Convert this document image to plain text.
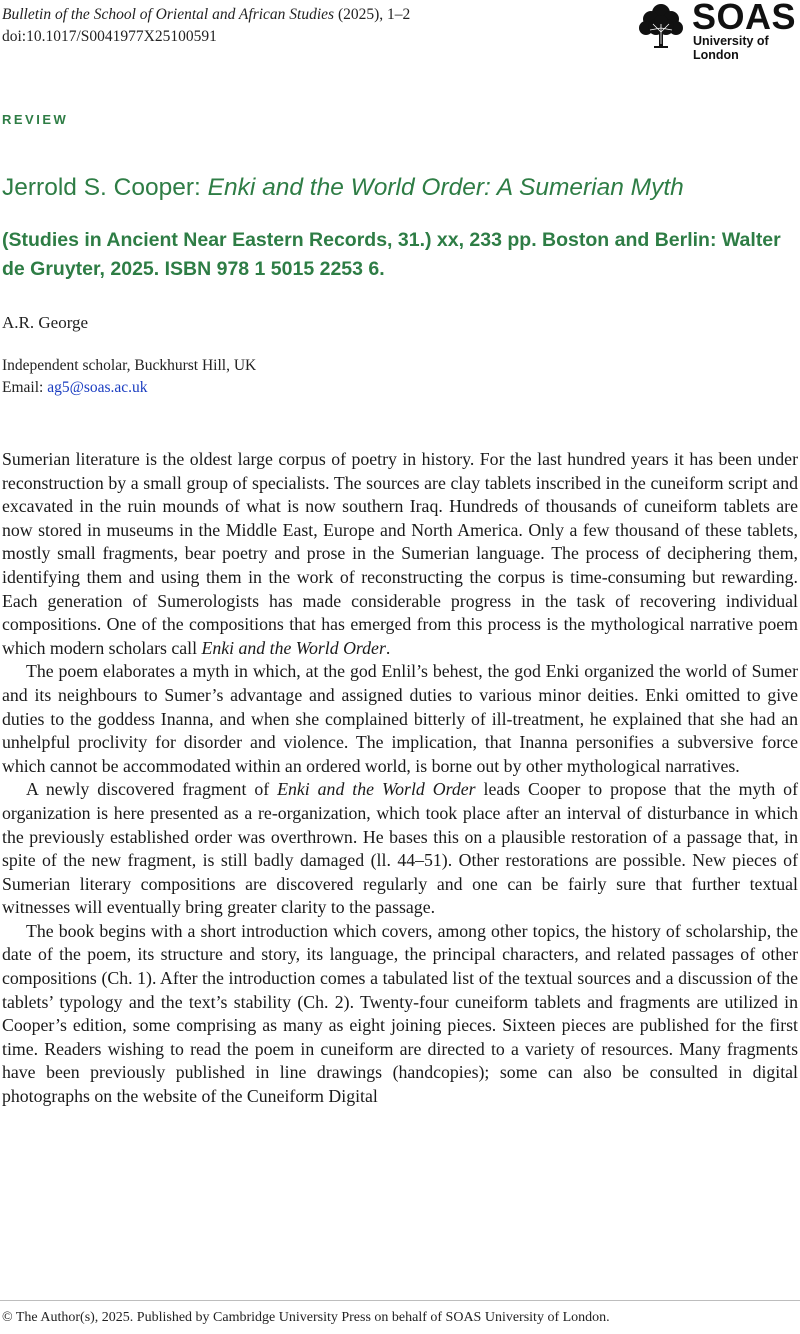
Bulletin of the School of Oriental and African Studies (2025), 1–2
doi:10.1017/S0041977X25100591	SOAS
University of London
REVIEW
Jerrold S. Cooper: Enki and the World Order: A Sumerian Myth
(Studies in Ancient Near Eastern Records, 31.) xx, 233 pp. Boston and Berlin: Walter de Gruyter, 2025. ISBN 978 1 5015 2253 6.
A.R. George
Independent scholar, Buckhurst Hill, UK
Email: ag5@soas.ac.uk

Sumerian literature is the oldest large corpus of poetry in history. For the last hundred years it has been under reconstruction by a small group of specialists. The sources are clay tablets inscribed in the cuneiform script and excavated in the ruin mounds of what is now southern Iraq. Hundreds of thousands of cuneiform tablets are now stored in museums in the Middle East, Europe and North America. Only a few thousand of these tablets, mostly small fragments, bear poetry and prose in the Sumerian language. The process of deciphering them, identifying them and using them in the work of reconstructing the corpus is time-consuming but rewarding. Each generation of Sumerologists has made considerable progress in the task of recovering individual compositions. One of the compositions that has emerged from this process is the mythological narrative poem which modern scholars call Enki and the World Order.

The poem elaborates a myth in which, at the god Enlil’s behest, the god Enki organized the world of Sumer and its neighbours to Sumer’s advantage and assigned duties to various minor deities. Enki omitted to give duties to the goddess Inanna, and when she complained bitterly of ill-treatment, he explained that she had an unhelpful proclivity for disorder and violence. The implication, that Inanna personifies a subversive force which cannot be accommodated within an ordered world, is borne out by other mythological narratives.

A newly discovered fragment of Enki and the World Order leads Cooper to propose that the myth of organization is here presented as a re-organization, which took place after an interval of disturbance in which the previously established order was overthrown. He bases this on a plausible restoration of a passage that, in spite of the new fragment, is still badly damaged (ll. 44–51). Other restorations are possible. New pieces of Sumerian literary compositions are discovered regularly and one can be fairly sure that further textual witnesses will eventually bring greater clarity to the passage.

The book begins with a short introduction which covers, among other topics, the history of scholarship, the date of the poem, its structure and story, its language, the principal characters, and related passages of other compositions (Ch. 1). After the introduction comes a tabulated list of the textual sources and a discussion of the tablets’ typology and the text’s stability (Ch. 2). Twenty-four cuneiform tablets and fragments are utilized in Cooper’s edition, some comprising as many as eight joining pieces. Sixteen pieces are published for the first time. Readers wishing to read the poem in cuneiform are directed to a variety of resources. Many fragments have been previously published in line drawings (handcopies); some can also be consulted in digital photographs on the website of the Cuneiform Digital

© The Author(s), 2025. Published by Cambridge University Press on behalf of SOAS University of London.
